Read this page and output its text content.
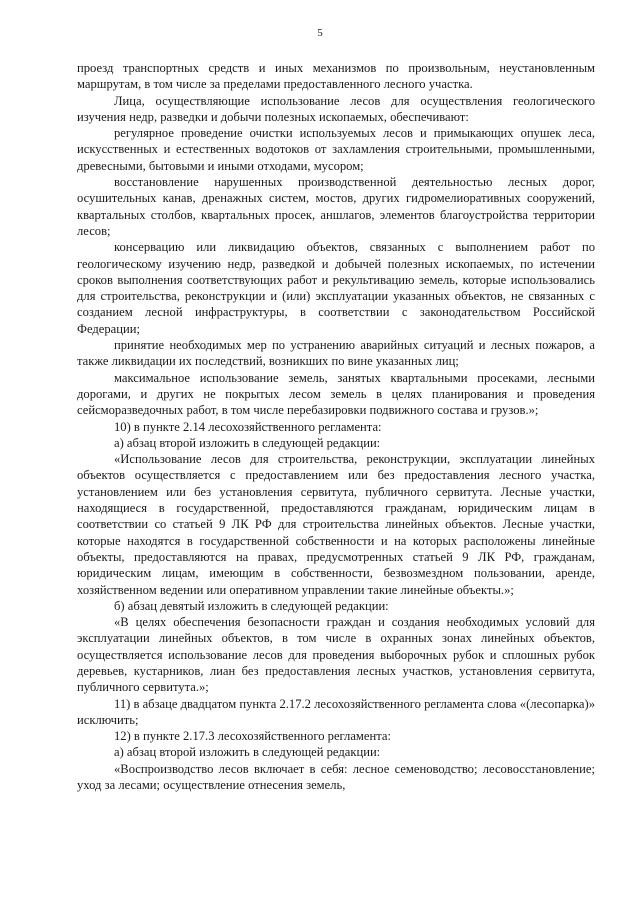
5

проезд транспортных средств и иных механизмов по произвольным, неустановленным маршрутам, в том числе за пределами предоставленного лесного участка.

Лица, осуществляющие использование лесов для осуществления геологического изучения недр, разведки и добычи полезных ископаемых, обеспечивают:

регулярное проведение очистки используемых лесов и примыкающих опушек леса, искусственных и естественных водотоков от захламления строительными, промышленными, древесными, бытовыми и иными отходами, мусором;

восстановление нарушенных производственной деятельностью лесных дорог, осушительных канав, дренажных систем, мостов, других гидромелиоративных сооружений, квартальных столбов, квартальных просек, аншлагов, элементов благоустройства территории лесов;

консервацию или ликвидацию объектов, связанных с выполнением работ по геологическому изучению недр, разведкой и добычей полезных ископаемых, по истечении сроков выполнения соответствующих работ и рекультивацию земель, которые использовались для строительства, реконструкции и (или) эксплуатации указанных объектов, не связанных с созданием лесной инфраструктуры, в соответствии с законодательством Российской Федерации;

принятие необходимых мер по устранению аварийных ситуаций и лесных пожаров, а также ликвидации их последствий, возникших по вине указанных лиц;

максимальное использование земель, занятых квартальными просеками, лесными дорогами, и других не покрытых лесом земель в целях планирования и проведения сейсморазведочных работ, в том числе перебазировки подвижного состава и грузов.»;

10) в пункте 2.14 лесохозяйственного регламента:

а) абзац второй изложить в следующей редакции:

«Использование лесов для строительства, реконструкции, эксплуатации линейных объектов осуществляется с предоставлением или без предоставления лесного участка, установлением или без установления сервитута, публичного сервитута. Лесные участки, находящиеся в государственной, предоставляются гражданам, юридическим лицам в соответствии со статьей 9 ЛК РФ для строительства линейных объектов. Лесные участки, которые находятся в государственной собственности и на которых расположены линейные объекты, предоставляются на правах, предусмотренных статьей 9 ЛК РФ, гражданам, юридическим лицам, имеющим в собственности, безвозмездном пользовании, аренде, хозяйственном ведении или оперативном управлении такие линейные объекты.»;

б) абзац девятый изложить в следующей редакции:

«В целях обеспечения безопасности граждан и создания необходимых условий для эксплуатации линейных объектов, в том числе в охранных зонах линейных объектов, осуществляется использование лесов для проведения выборочных рубок и сплошных рубок деревьев, кустарников, лиан без предоставления лесных участков, установления сервитута, публичного сервитута.»;

11) в абзаце двадцатом пункта 2.17.2 лесохозяйственного регламента слова «(лесопарка)» исключить;

12) в пункте 2.17.3 лесохозяйственного регламента:

а) абзац второй изложить в следующей редакции:

«Воспроизводство лесов включает в себя: лесное семеноводство; лесовосстановление; уход за лесами; осуществление отнесения земель,
